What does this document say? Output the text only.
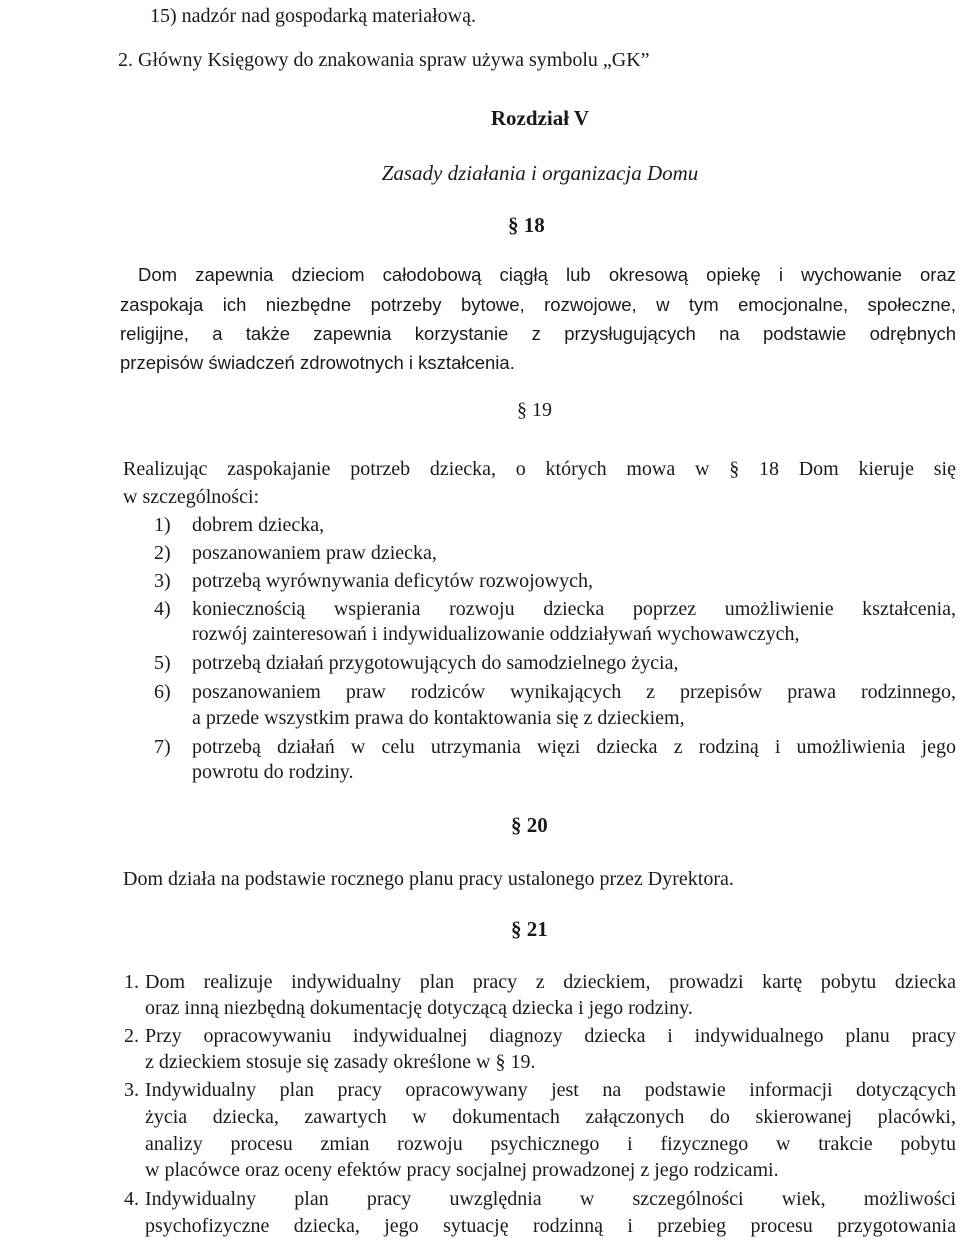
15) nadzór nad gospodarką materiałową.
2. Główny Księgowy do znakowania spraw używa symbolu „GK”
Rozdział V
Zasady działania i organizacja Domu
§ 18
Dom zapewnia dzieciom całodobową ciągłą lub okresową opiekę i wychowanie oraz
zaspokaja ich niezbędne potrzeby bytowe, rozwojowe, w tym emocjonalne, społeczne,
religijne, a także zapewnia korzystanie z przysługujących na podstawie odrębnych
przepisów świadczeń zdrowotnych i kształcenia.
§ 19
Realizując zaspokajanie potrzeb dziecka, o których mowa w § 18 Dom kieruje się
w szczególności:
1) dobrem dziecka,
2) poszanowaniem praw dziecka,
3) potrzebą wyrównywania deficytów rozwojowych,
4) koniecznością wspierania rozwoju dziecka poprzez umożliwienie kształcenia,
rozwój zainteresowań i indywidualizowanie oddziaływań wychowawczych,
5) potrzebą działań przygotowujących do samodzielnego życia,
6) poszanowaniem praw rodziców wynikających z przepisów prawa rodzinnego,
a przede wszystkim prawa do kontaktowania się z dzieckiem,
7) potrzebą działań w celu utrzymania więzi dziecka z rodziną i umożliwienia jego
powrotu do rodziny.
§ 20
Dom działa na podstawie rocznego planu pracy ustalonego przez Dyrektora.
§ 21
1. Dom realizuje indywidualny plan pracy z dzieckiem, prowadzi kartę pobytu dziecka
oraz inną niezbędną dokumentację dotyczącą dziecka i jego rodziny.
2. Przy opracowywaniu indywidualnej diagnozy dziecka i indywidualnego planu pracy
z dzieckiem stosuje się zasady określone w § 19.
3. Indywidualny plan pracy opracowywany jest na podstawie informacji dotyczących
życia dziecka, zawartych w dokumentach załączonych do skierowanej placówki,
analizy procesu zmian rozwoju psychicznego i fizycznego w trakcie pobytu
w placówce oraz oceny efektów pracy socjalnej prowadzonej z jego rodzicami.
4. Indywidualny plan pracy uwzględnia w szczególności wiek, możliwości
psychofizyczne dziecka, jego sytuację rodzinną i przebieg procesu przygotowania
